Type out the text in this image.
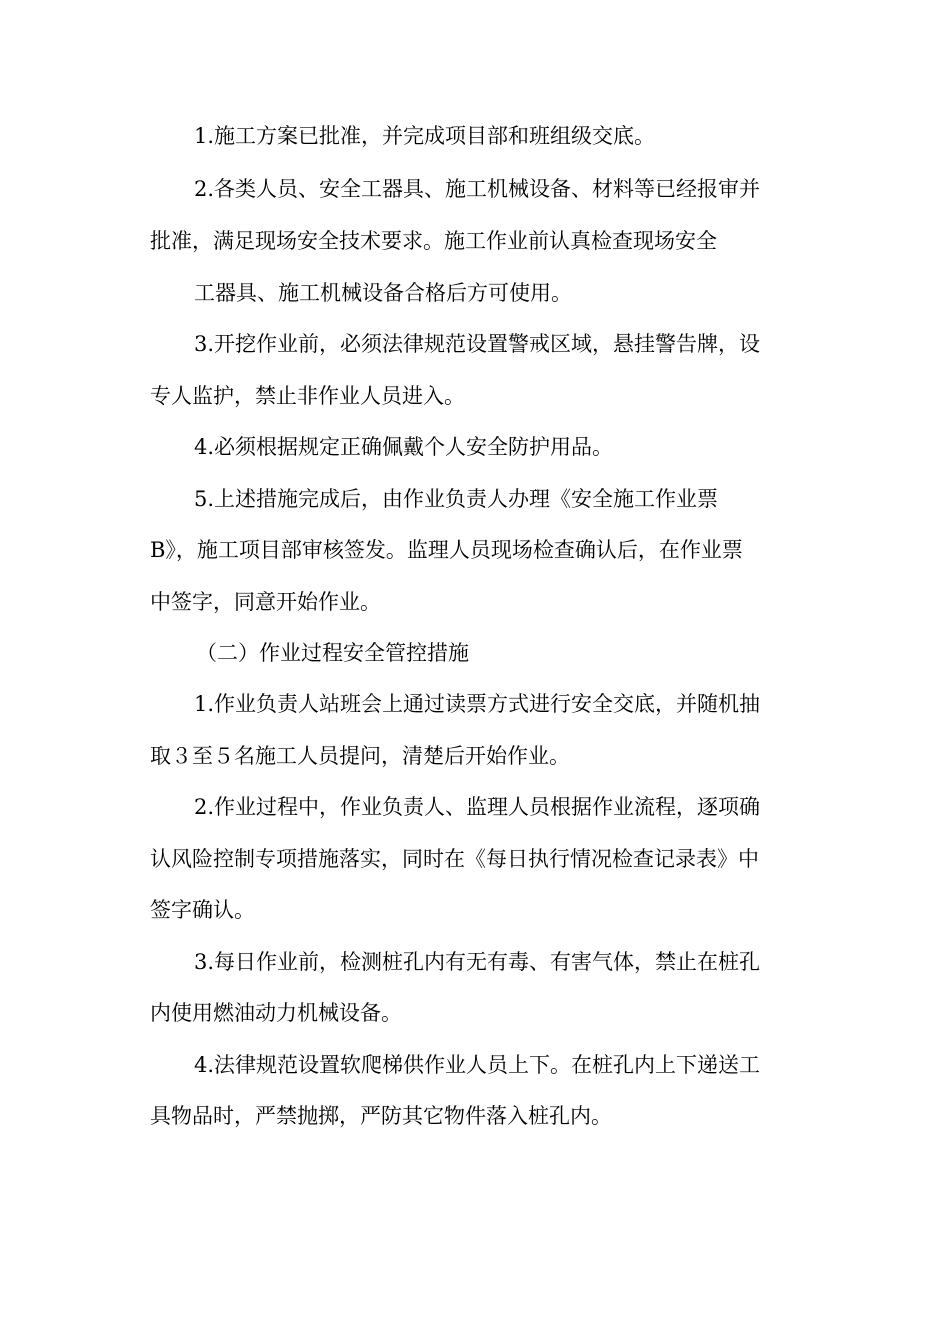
1.施工方案已批准，并完成项目部和班组级交底。
2.各类人员、安全工器具、施工机械设备、材料等已经报审并
批准，满足现场安全技术要求。施工作业前认真检查现场安全
工器具、施工机械设备合格后方可使用。
3.开挖作业前，必须法律规范设置警戒区域，悬挂警告牌，设
专人监护，禁止非作业人员进入。
4.必须根据规定正确佩戴个人安全防护用品。
5.上述措施完成后，由作业负责人办理《安全施工作业票
B》，施工项目部审核签发。监理人员现场检查确认后，在作业票
中签字，同意开始作业。
（二）作业过程安全管控措施
1.作业负责人站班会上通过读票方式进行安全交底，并随机抽
取３至５名施工人员提问，清楚后开始作业。
2.作业过程中，作业负责人、监理人员根据作业流程，逐项确
认风险控制专项措施落实，同时在《每日执行情况检查记录表》中
签字确认。
3.每日作业前，检测桩孔内有无有毒、有害气体，禁止在桩孔
内使用燃油动力机械设备。
4.法律规范设置软爬梯供作业人员上下。在桩孔内上下递送工
具物品时，严禁抛掷，严防其它物件落入桩孔内。
